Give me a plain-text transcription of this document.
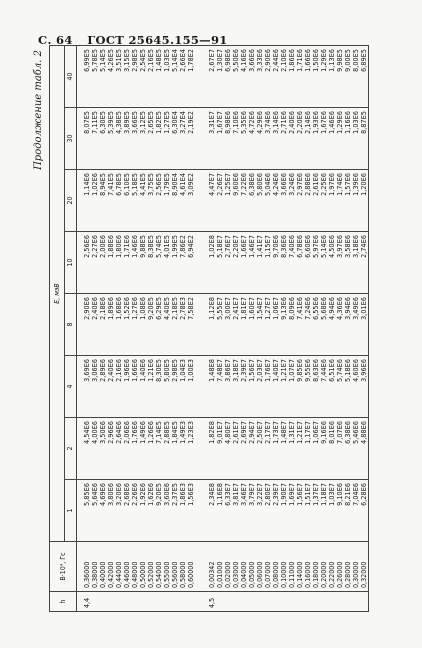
С. 64 ГОСТ 25645.155—91
Продолжение табл. 2
h	B·10⁴, Гс	E, мэВ							
		1	2	4	8	10	20	30	40
4,4	0,36000	5,85Е6	4,54Е6	3,69Е6	2,90Е6	2,56Е6	1,14Е6	8,07Е5	6,99Е5
	0,38000	5,64Е6	4,00Е6	3,06Е6	2,40Е6	2,27Е6	1,02Е6	7,11Е5	5,78Е5
	0,40000	4,69Е6	3,50Е6	2,89Е6	2,18Е6	2,00Е6	8,94Е5	6,30Е5	5,14Е5
	0,42000	3,80Е6	2,96Е6	2,40Е6	1,89Е6	1,88Е6	7,41Е5	5,39Е5	4,26Е5
	0,44000	3,20Е6	2,64Е6	2,16Е6	1,68Е6	1,80Е6	6,78Е5	4,38Е5	3,51Е5
	0,46000	2,68Е6	2,06Е6	1,96Е6	1,52Е6	1,71Е6	6,10Е5	3,89Е5	3,15Е5
	0,48000	2,26Е6	1,76Е6	1,66Е6	1,27Е6	1,46Е6	5,18Е5	3,66Е5	2,98Е5
	0,50000	1,92Е6	1,49Е6	1,40Е6	1,08Е6	9,88Е5	4,41Е5	3,12Е5	2,54Е5
	0,52000	1,62Е6	1,26Е6	1,21Е6	9,20Е5	8,38Е5	3,75Е5	2,65Е5	2,16Е5
	0,54000	9,20Е5	7,14Е5	8,30Е5	6,29Е5	5,74Е5	2,56Е5	1,82Е5	1,48Е5
	0,55000	3,60Е6	2,88Е5	5,80Е5	4,40Е5	4,01Е5	1,79Е5	1,27Е5	1,03Е5
	0,56000	2,37Е5	1,84Е5	2,98Е5	2,18Е5	1,99Е5	8,90Е4	6,30Е4	5,14Е4
	0,58000	1,86Е3	1,49Е3	1,04Е3	2,78Е3	7,86Е2	4,61Е4	3,27Е4	2,66Е4
	0,60000	1,56Е3	1,23Е3	1,00Е3	7,58Е2	6,94Е2	3,09Е2	2,19Е2	1,78Е2

4,5	0,00342	2,34Е8	1,82Е8	1,48Е8	1,12Е8	1,02Е8	4,47Е7	3,31Е7	2,67Е7
	0,01000	1,16Е8	9,01Е7	7,48Е7	5,55Е7	5,18Е7	2,26Е7	1,67Е7	1,30Е7
	0,02000	6,33Е7	4,80Е7	3,86Е7	3,00Е7	2,76Е7	1,25Е7	8,98Е6	6,98Е6
	0,03000	3,81Е7	2,61Е7	3,18Е7	2,41Е7	2,20Е7	9,60Е6	7,10Е6	5,50Е6
	0,04000	3,46Е7	2,69Е7	2,39Е7	1,81Е7	1,66Е7	7,22Е6	5,35Е6	4,16Е6
	0,05000	3,79Е7	2,94Е7	1,56Е7	1,60Е7	1,46Е7	6,38Е6	4,72Е6	3,66Е6
	0,06000	3,22Е7	2,50Е7	2,03Е7	1,54Е7	1,41Е7	5,80Е6	4,29Е6	3,33Е6
	0,07000	2,80Е7	2,17Е7	1,76Е7	1,27Е7	1,15Е7	5,04Е6	3,74Е6	2,90Е6
	0,08000	2,39Е7	1,73Е7	1,40Е7	1,06Е7	9,70Е6	4,24Е6	3,14Е6	2,44Е6
	0,10000	1,90Е7	1,48Е7	1,21Е7	9,13Е6	8,36Е6	3,66Е6	2,71Е6	2,10Е6
	0,11000	1,69Е7	1,31Е7	1,07Е7	8,09Е6	7,40Е6	3,24Е6	2,40Е6	1,86Е6
	0,14000	1,56Е7	1,21Е7	9,85Е6	7,41Е6	6,78Е6	2,97Е6	2,20Е6	1,71Е6
	0,16000	1,51Е7	1,17Е7	9,55Е6	7,24Е6	6,60Е6	2,88Е6	2,14Е6	1,66Е6
	0,18000	1,37Е7	1,06Е7	8,63Е6	6,55Е6	5,97Е6	2,61Е6	1,93Е6	1,50Е6
	0,20000	1,18Е7	9,16Е6	7,44Е6	5,68Е6	5,14Е6	2,25Е6	1,67Е6	1,29Е6
	0,22000	1,03Е7	8,01Е6	6,51Е6	4,94Е6	4,50Е6	1,97Е6	1,46Е6	1,13Е6
	0,26000	9,10Е6	7,07Е6	5,74Е6	4,36Е6	3,97Е6	1,74Е6	1,29Е6	9,98Е5
	0,28000	8,21Е6	6,38Е6	5,18Е6	3,94Е6	3,58Е6	1,57Е6	1,16Е6	9,00Е5
	0,30000	7,04Е6	5,46Е6	4,60Е6	3,49Е6	3,18Е6	1,39Е6	1,03Е6	8,00Е5
	0,32000	6,28Е6	4,88Е6	3,96Е6	3,01Е6	2,74Е6	1,20Е6	8,87Е5	6,89Е5
